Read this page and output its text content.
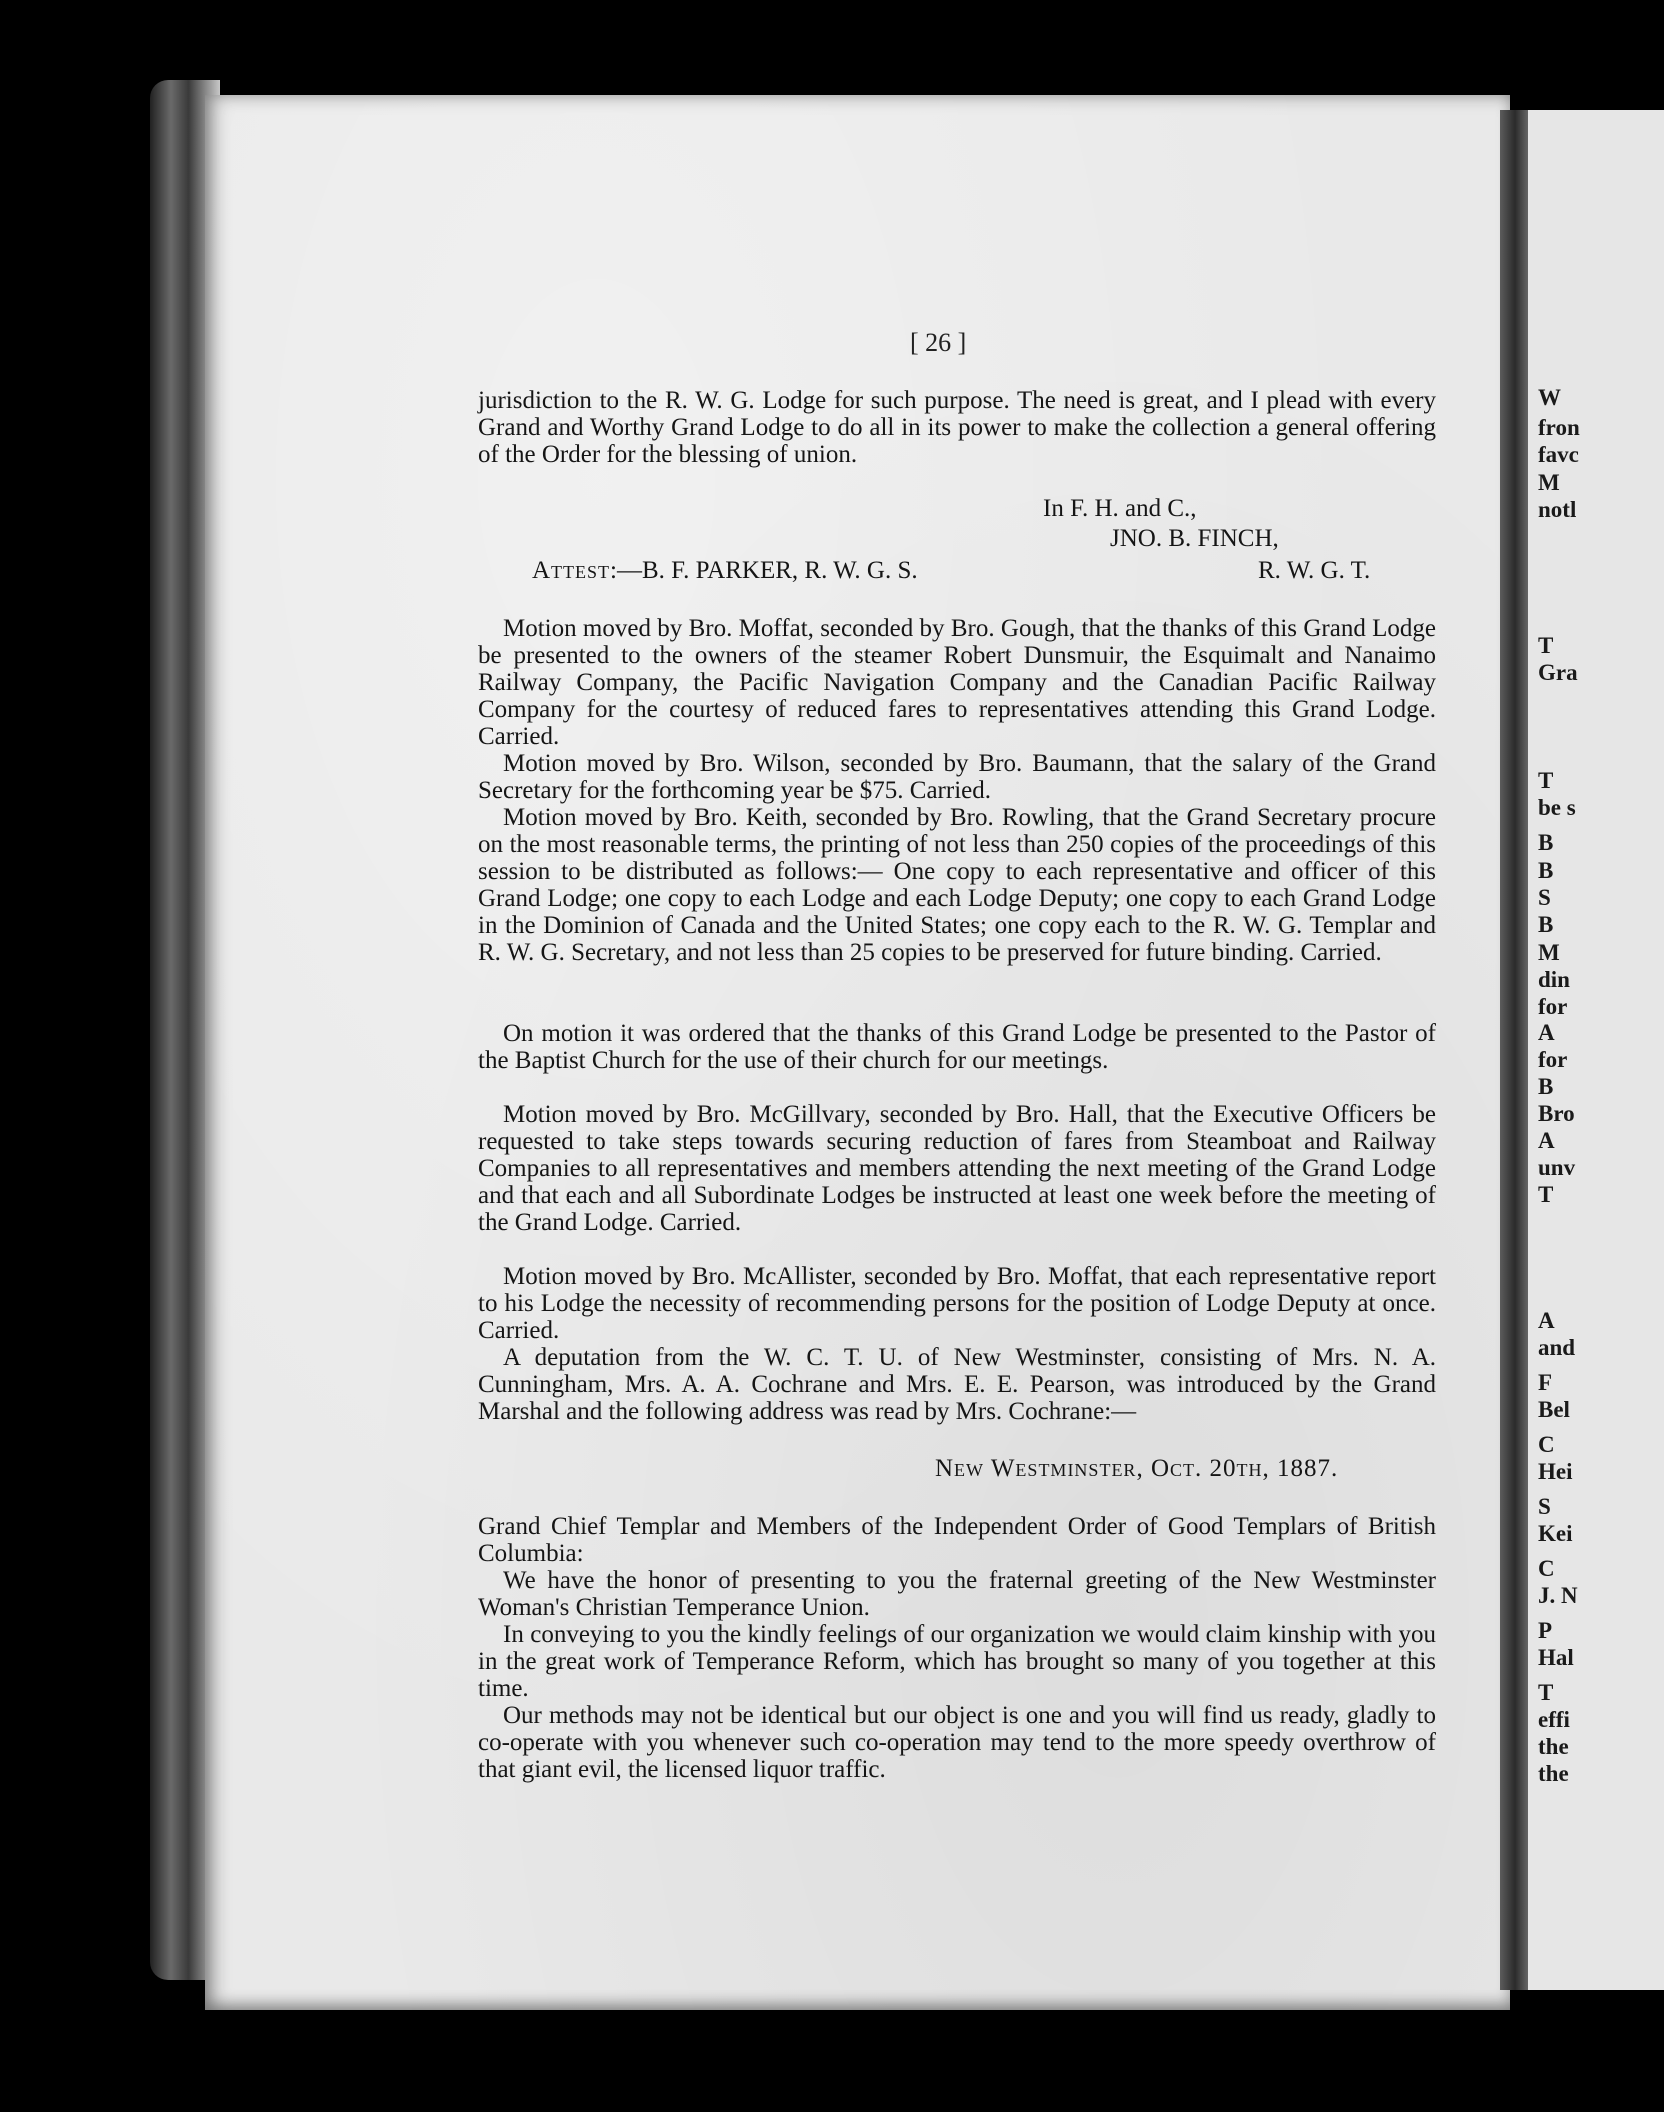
W
fron
favc
M
notl
T
Gra
T
be s
B
B
S
B
M
din
for
A
for
B
Bro
A
unv
T
A
and
F
Bel
C
Hei
S
Kei
C
J. N
P
Hal
T
effi
the
the
[ 26 ]
jurisdiction to the R. W. G. Lodge for such purpose. The need is great, and I plead with every Grand and Worthy Grand Lodge to do all in its power to make the collection a general offering of the Order for the blessing of union.
In F. H. and C.,
JNO. B. FINCH,
Attest:—B. F. PARKER, R. W. G. S.	R. W. G. T.
Motion moved by Bro. Moffat, seconded by Bro. Gough, that the thanks of this Grand Lodge be presented to the owners of the steamer Robert Dunsmuir, the Esquimalt and Nanaimo Railway Company, the Pacific Navigation Company and the Canadian Pacific Railway Company for the courtesy of reduced fares to representatives attending this Grand Lodge. Carried.
Motion moved by Bro. Wilson, seconded by Bro. Baumann, that the salary of the Grand Secretary for the forthcoming year be $75. Carried.
Motion moved by Bro. Keith, seconded by Bro. Rowling, that the Grand Secretary procure on the most reasonable terms, the printing of not less than 250 copies of the proceedings of this session to be distributed as follows:— One copy to each representative and officer of this Grand Lodge; one copy to each Lodge and each Lodge Deputy; one copy to each Grand Lodge in the Dominion of Canada and the United States; one copy each to the R. W. G. Templar and R. W. G. Secretary, and not less than 25 copies to be preserved for future binding. Carried.
On motion it was ordered that the thanks of this Grand Lodge be presented to the Pastor of the Baptist Church for the use of their church for our meetings.
Motion moved by Bro. McGillvary, seconded by Bro. Hall, that the Executive Officers be requested to take steps towards securing reduction of fares from Steamboat and Railway Companies to all representatives and members attending the next meeting of the Grand Lodge and that each and all Subordinate Lodges be instructed at least one week before the meeting of the Grand Lodge. Carried.
Motion moved by Bro. McAllister, seconded by Bro. Moffat, that each representative report to his Lodge the necessity of recommending persons for the position of Lodge Deputy at once. Carried.
A deputation from the W. C. T. U. of New Westminster, consisting of Mrs. N. A. Cunningham, Mrs. A. A. Cochrane and Mrs. E. E. Pearson, was introduced by the Grand Marshal and the following address was read by Mrs. Cochrane:—
New Westminster, Oct. 20th, 1887.
Grand Chief Templar and Members of the Independent Order of Good Templars of British Columbia:
We have the honor of presenting to you the fraternal greeting of the New Westminster Woman's Christian Temperance Union.
In conveying to you the kindly feelings of our organization we would claim kinship with you in the great work of Temperance Reform, which has brought so many of you together at this time.
Our methods may not be identical but our object is one and you will find us ready, gladly to co-operate with you whenever such co-operation may tend to the more speedy overthrow of that giant evil, the licensed liquor traffic.
